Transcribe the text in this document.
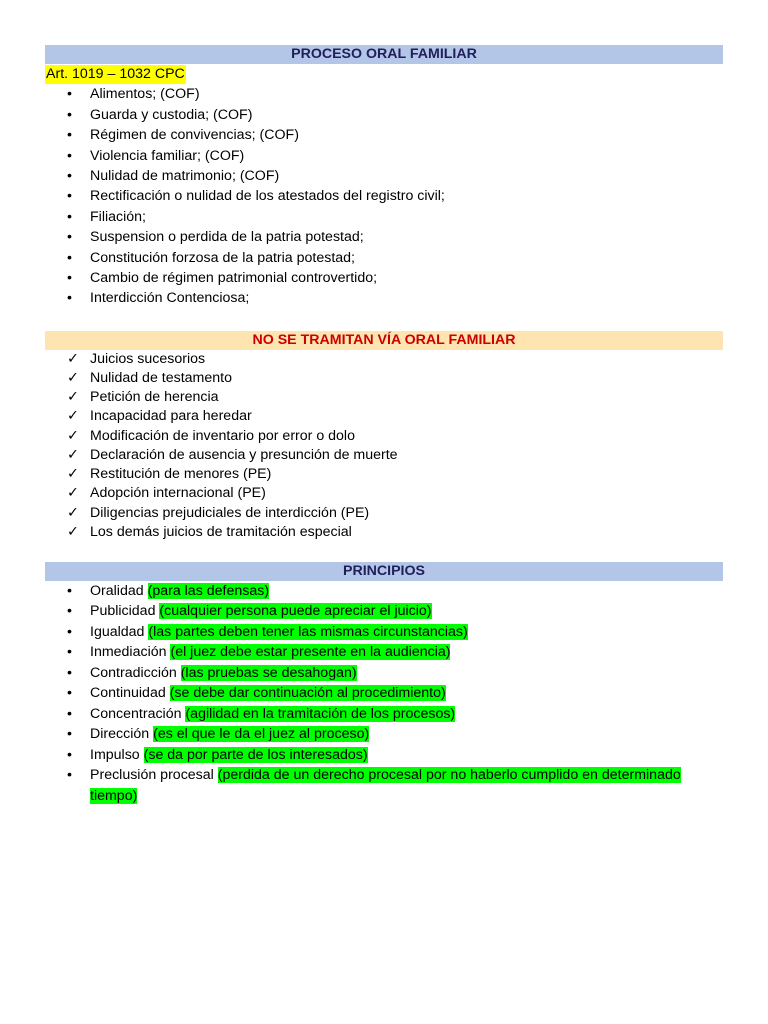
PROCESO ORAL FAMILIAR
Art. 1019 – 1032 CPC
• Alimentos; (COF)
• Guarda y custodia; (COF)
• Régimen de convivencias; (COF)
• Violencia familiar; (COF)
• Nulidad de matrimonio; (COF)
• Rectificación o nulidad de los atestados del registro civil;
• Filiación;
• Suspension o perdida de la patria potestad;
• Constitución forzosa de la patria potestad;
• Cambio de régimen patrimonial controvertido;
• Interdicción Contenciosa;
NO SE TRAMITAN VÍA ORAL FAMILIAR
✓ Juicios sucesorios
✓ Nulidad de testamento
✓ Petición de herencia
✓ Incapacidad para heredar
✓ Modificación de inventario por error o dolo
✓ Declaración de ausencia y presunción de muerte
✓ Restitución de menores (PE)
✓ Adopción internacional (PE)
✓ Diligencias prejudiciales de interdicción (PE)
✓ Los demás juicios de tramitación especial
PRINCIPIOS
• Oralidad (para las defensas)
• Publicidad (cualquier persona puede apreciar el juicio)
• Igualdad (las partes deben tener las mismas circunstancias)
• Inmediación (el juez debe estar presente en la audiencia)
• Contradicción (las pruebas se desahogan)
• Continuidad (se debe dar continuación al procedimiento)
• Concentración (agilidad en la tramitación de los procesos)
• Dirección (es el que le da el juez al proceso)
• Impulso (se da por parte de los interesados)
• Preclusión procesal (perdida de un derecho procesal por no haberlo cumplido en determinado tiempo)
